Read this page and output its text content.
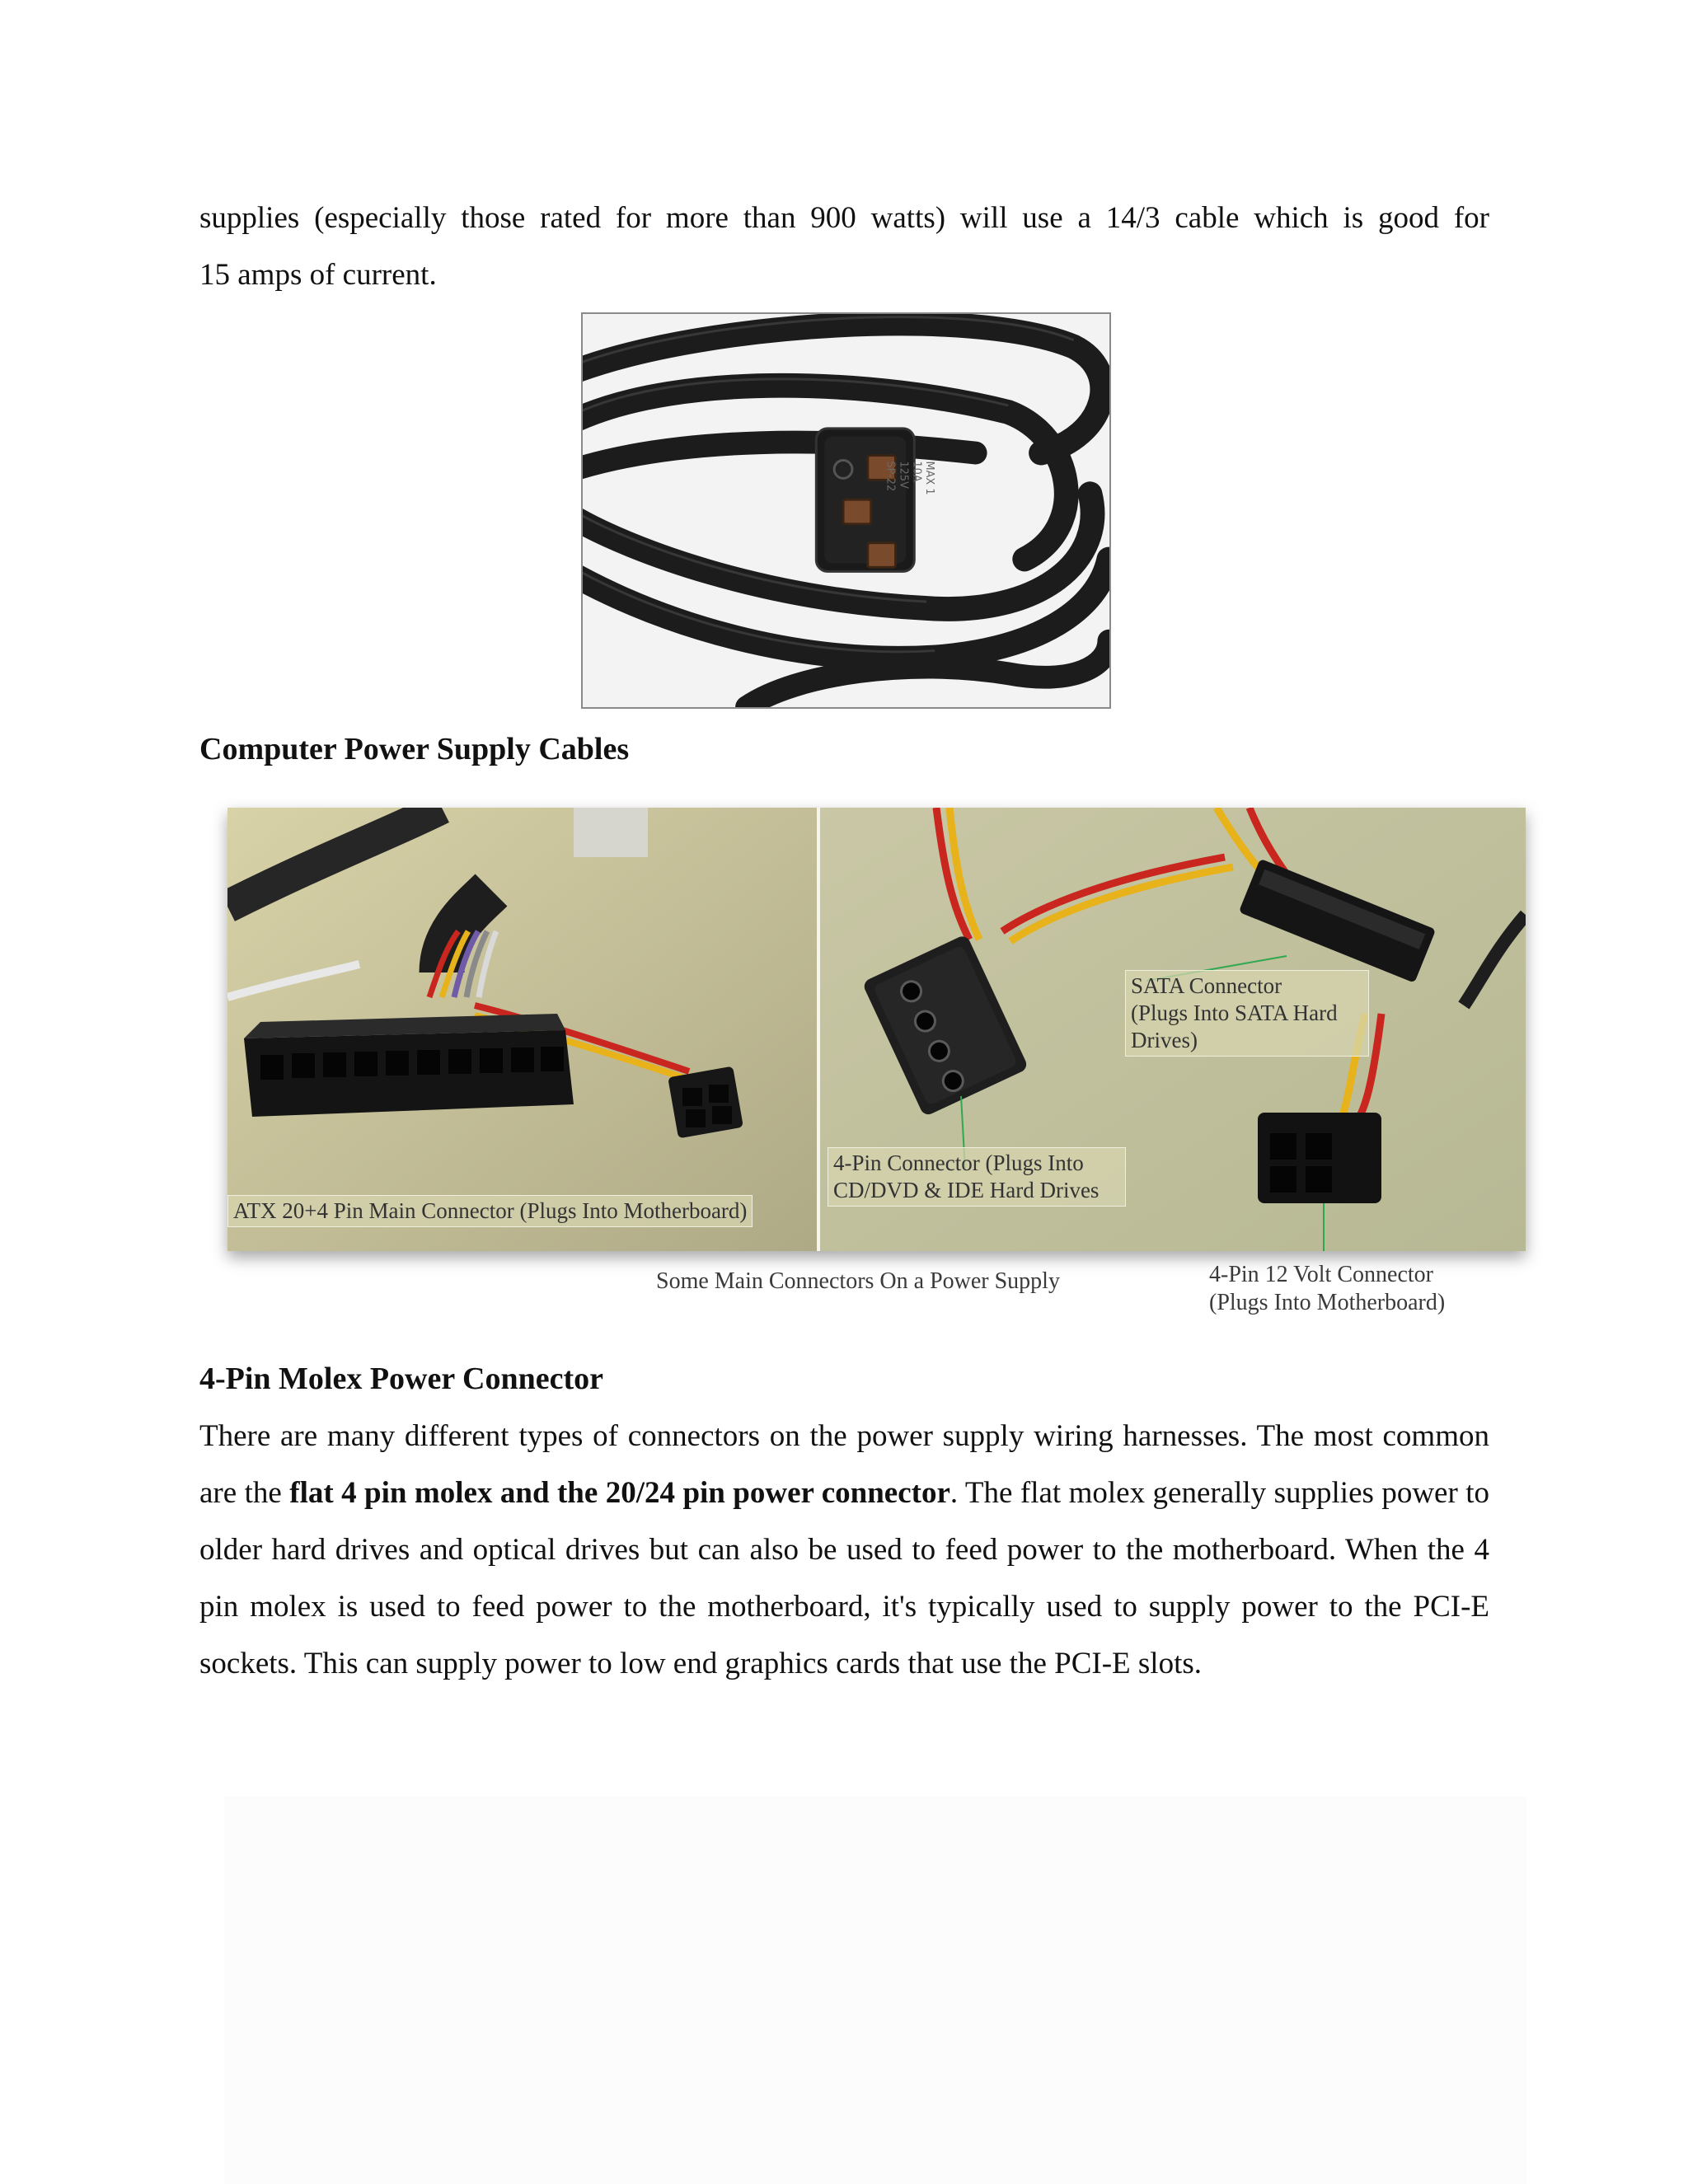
supplies (especially those rated for more than 900 watts) will use a 14/3 cable which is good for

15 amps of current.

MAX 1
10A
125V
SP-22
Computer Power Supply Cables
ATX 20+4 Pin Main Connector (Plugs Into Motherboard)
4-Pin Connector (Plugs Into
CD/DVD & IDE Hard Drives
SATA Connector
(Plugs Into SATA Hard
Drives)
Some Main Connectors On a Power Supply	4-Pin 12 Volt Connector
(Plugs Into Motherboard)
4-Pin Molex Power Connector

There are many different types of connectors on the power supply wiring harnesses. The most common are the flat 4 pin molex and the 20/24 pin power connector. The flat molex generally supplies power to older hard drives and optical drives but can also be used to feed power to the motherboard. When the 4 pin molex is used to feed power to the motherboard, it's typically used to supply power to the PCI-E sockets. This can supply power to low end graphics cards that use the PCI-E slots.
